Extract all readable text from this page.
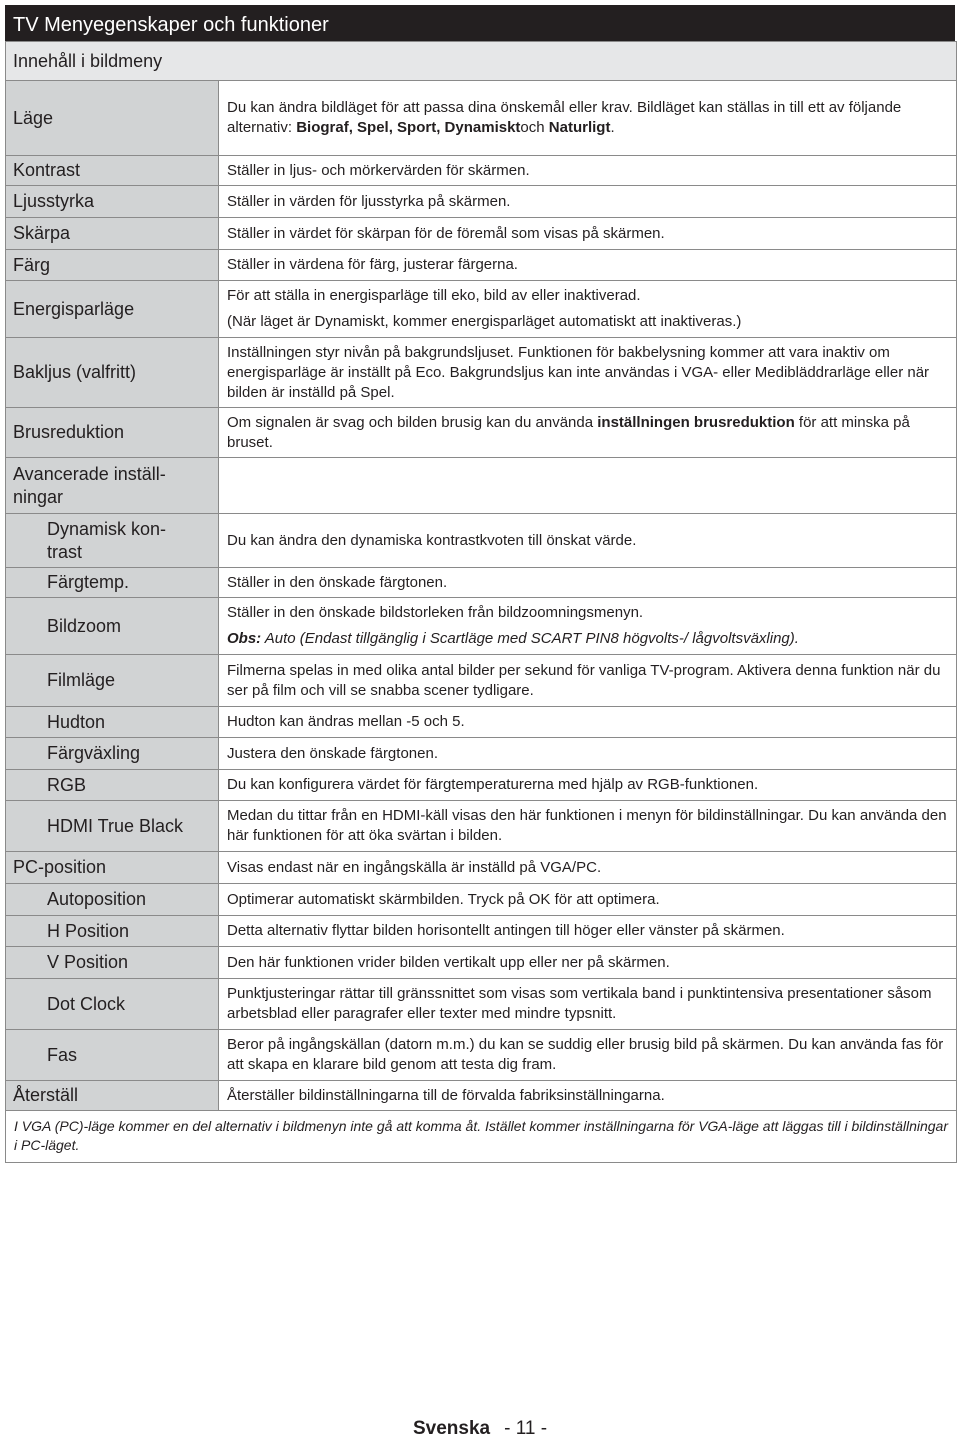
TV Menyegenskaper och funktioner
Innehåll i bildmeny	
Läge	Du kan ändra bildläget för att passa dina önskemål eller krav. Bildläget kan ställas in till ett av följande alternativ: Biograf, Spel, Sport, Dynamisktoch Naturligt.
Kontrast	Ställer in ljus- och mörkervärden för skärmen.
Ljusstyrka	Ställer in värden för ljusstyrka på skärmen.
Skärpa	Ställer in värdet för skärpan för de föremål som visas på skärmen.
Färg	Ställer in värdena för färg, justerar färgerna.
Energisparläge	För att ställa in energisparläge till eko, bild av eller inaktiverad.
(När läget är Dynamiskt, kommer energisparläget automatiskt att inaktiveras.)

Bakljus (valfritt)	Inställningen styr nivån på bakgrundsljuset. Funktionen för bakbelysning kommer att vara inaktiv om energisparläge är inställt på Eco. Bakgrundsljus kan inte användas i VGA- eller Medibläddrarläge eller när bilden är inställd på Spel.
Brusreduktion	Om signalen är svag och bilden brusig kan du använda inställningen brusreduktion för att minska på bruset.

Avancerade inställ-ningar	

Dynamisk kon-trast	Du kan ändra den dynamiska kontrastkvoten till önskat värde.
Färgtemp.	Ställer in den önskade färgtonen.
Bildzoom	Ställer in den önskade bildstorleken från bildzoomningsmenyn.
Obs: Auto (Endast tillgänglig i Scartläge med SCART PIN8 högvolts-/ lågvoltsväxling).

Filmläge	Filmerna spelas in med olika antal bilder per sekund för vanliga TV-program. Aktivera denna funktion när du ser på film och vill se snabba scener tydligare.
Hudton	Hudton kan ändras mellan -5 och 5.
Färgväxling	Justera den önskade färgtonen.
RGB	Du kan konfigurera värdet för färgtemperaturerna med hjälp av RGB-funktionen.
HDMI True Black	Medan du tittar från en HDMI-käll visas den här funktionen i menyn för bildinställningar. Du kan använda den här funktionen för att öka svärtan i bilden.
PC-position	Visas endast när en ingångskälla är inställd på VGA/PC.
Autoposition	Optimerar automatiskt skärmbilden. Tryck på OK för att optimera.
H Position	Detta alternativ flyttar bilden horisontellt antingen till höger eller vänster på skärmen.
V Position	Den här funktionen vrider bilden vertikalt upp eller ner på skärmen.
Dot Clock	Punktjusteringar rättar till gränssnittet som visas som vertikala band i punktintensiva presentationer såsom arbetsblad eller paragrafer eller texter med mindre typsnitt.
Fas	Beror på ingångskällan (datorn m.m.) du kan se suddig eller brusig bild på skärmen. Du kan använda fas för att skapa en klarare bild genom att testa dig fram.
Återställ	Återställer bildinställningarna till de förvalda fabriksinställningarna.
I VGA (PC)-läge kommer en del alternativ i bildmenyn inte gå att komma åt. Istället kommer inställningarna för VGA-läge att läggas till i bildinställningar i PC-läget.	
Svenska - 11 -
